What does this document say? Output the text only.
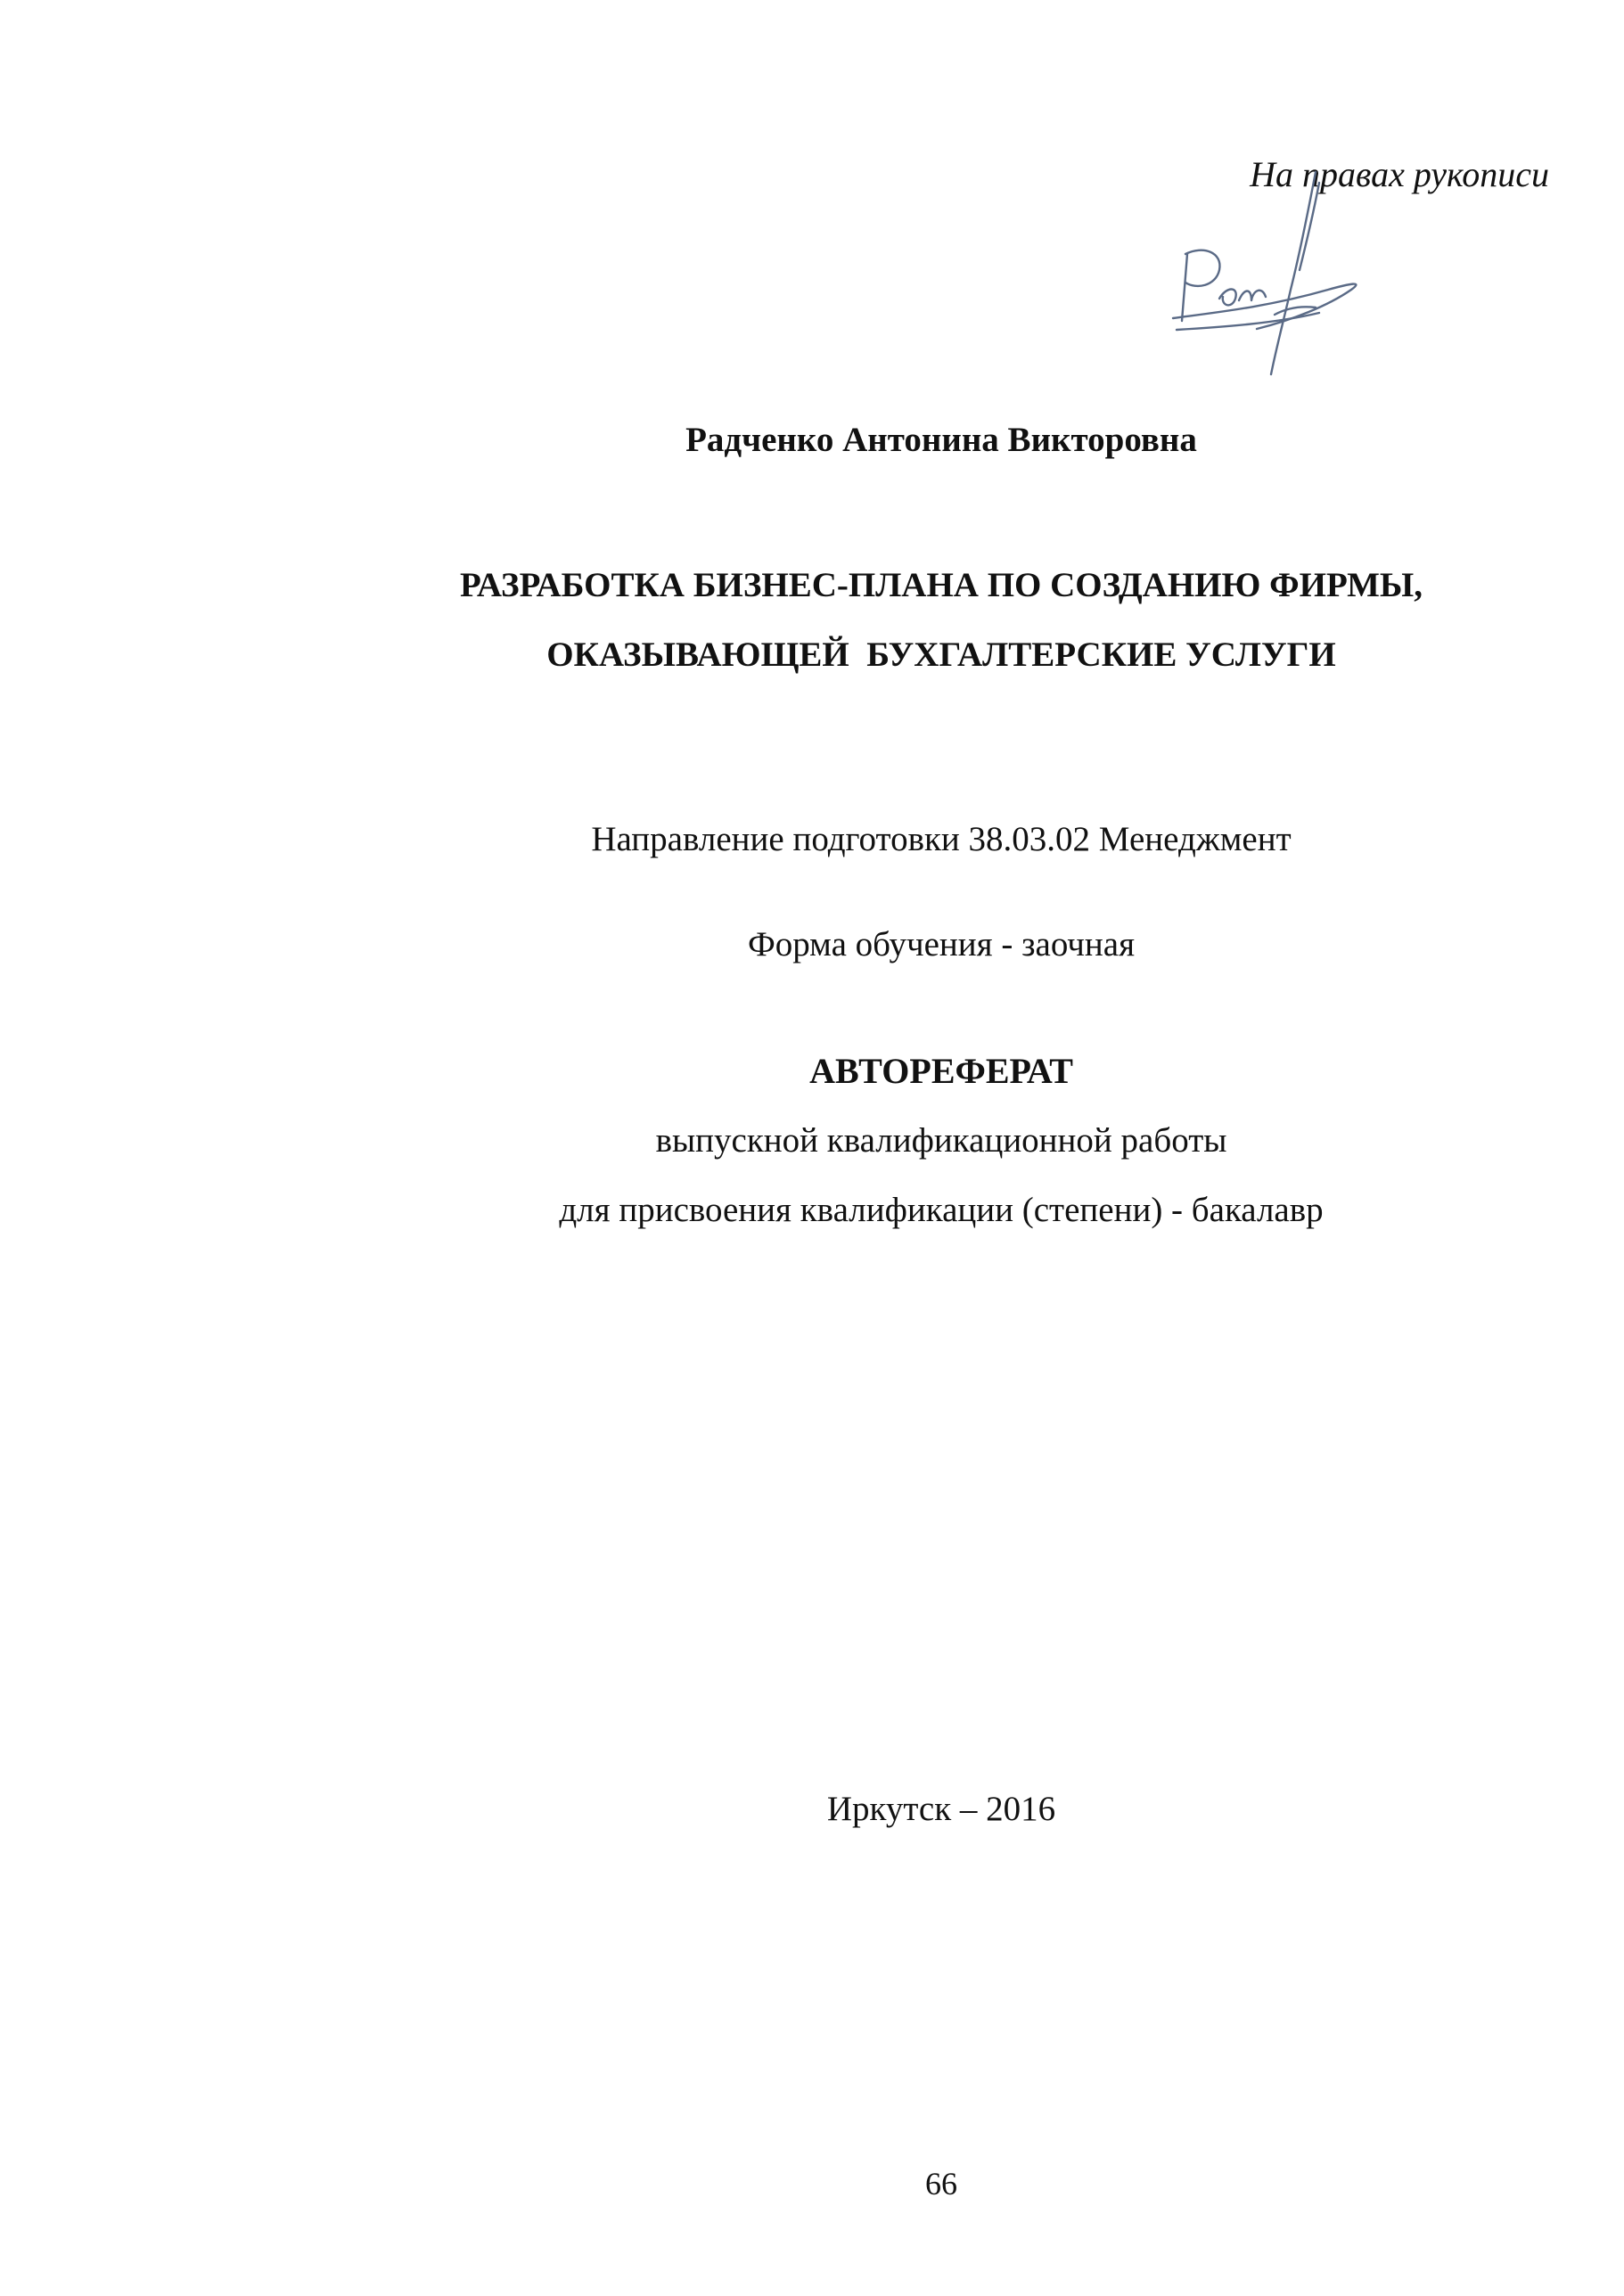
На правах рукописи
Радченко Антонина Викторовна
РАЗРАБОТКА БИЗНЕС-ПЛАНА ПО СОЗДАНИЮ ФИРМЫ,
ОКАЗЫВАЮЩЕЙ  БУХГАЛТЕРСКИЕ УСЛУГИ
Направление подготовки 38.03.02 Менеджмент
Форма обучения - заочная
АВТОРЕФЕРАТ
выпускной квалификационной работы
для присвоения квалификации (степени) - бакалавр
Иркутск – 2016
66
